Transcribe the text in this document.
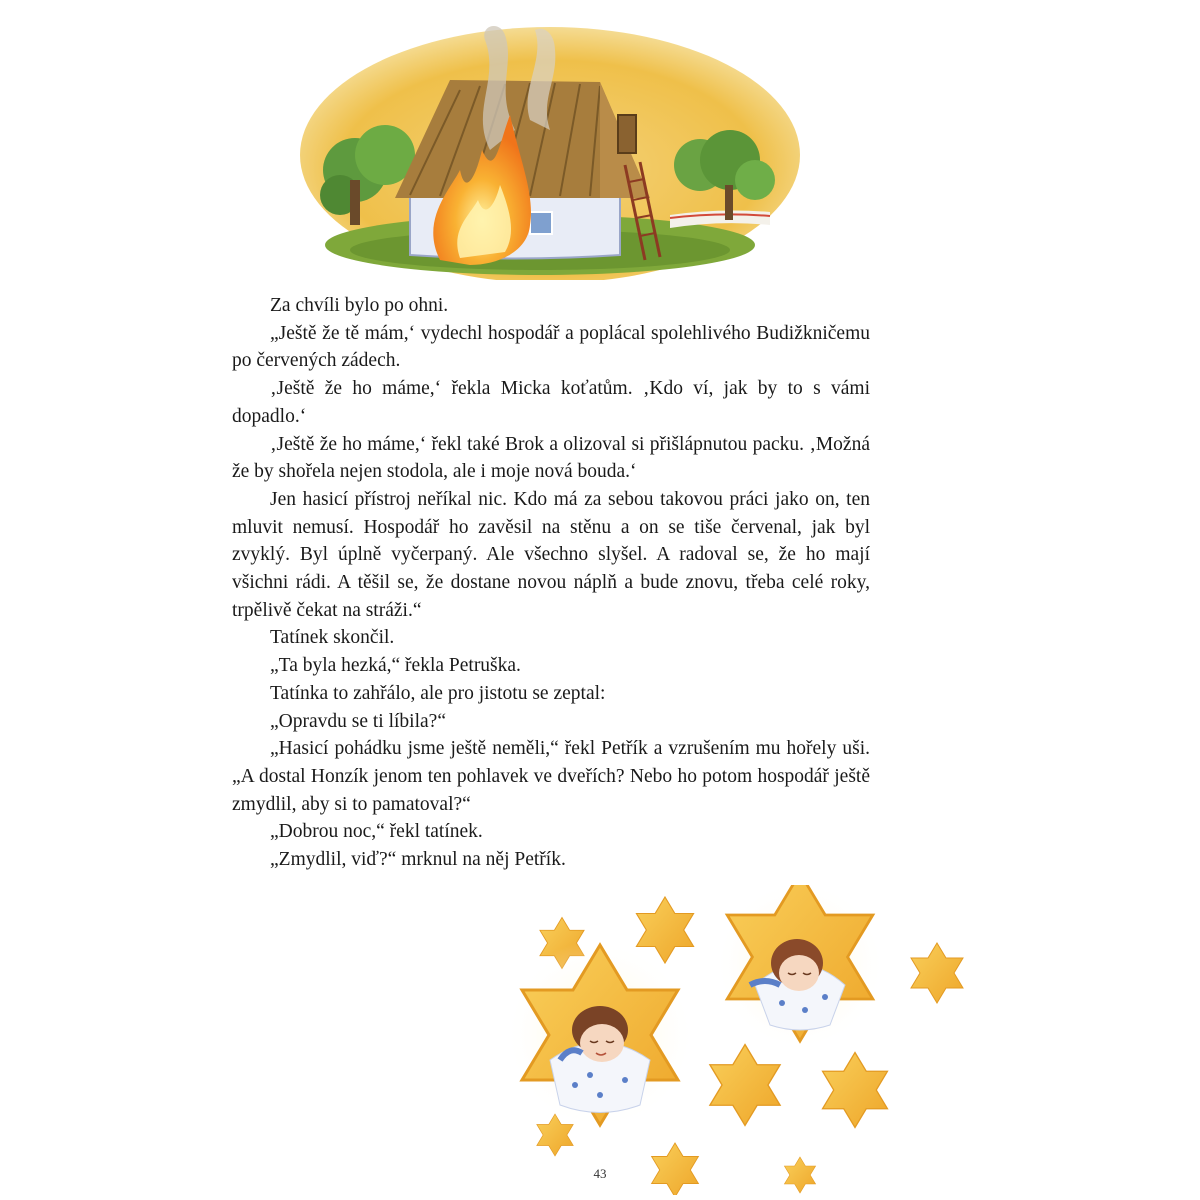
Za chvíli bylo po ohni.

„Ještě že tě mám,‘ vydechl hospodář a poplácal spolehlivého Budižkničemu po červených zádech.

‚Ještě že ho máme,‘ řekla Micka koťatům. ‚Kdo ví, jak by to s vámi dopadlo.‘

‚Ještě že ho máme,‘ řekl také Brok a olizoval si přišlápnutou packu. ‚Možná že by shořela nejen stodola, ale i moje nová bouda.‘

Jen hasicí přístroj neříkal nic. Kdo má za sebou takovou práci jako on, ten mluvit nemusí. Hospodář ho zavěsil na stěnu a on se tiše červenal, jak byl zvyklý. Byl úplně vyčerpaný. Ale všechno slyšel. A radoval se, že ho mají všichni rádi. A těšil se, že dostane novou náplň a bude znovu, třeba celé roky, trpělivě čekat na stráži.“

Tatínek skončil.

„Ta byla hezká,“ řekla Petruška.

Tatínka to zahřálo, ale pro jistotu se zeptal:

„Opravdu se ti líbila?“

„Hasicí pohádku jsme ještě neměli,“ řekl Petřík a vzrušením mu hořely uši. „A dostal Honzík jenom ten pohlavek ve dveřích? Nebo ho potom hospodář ještě zmydlil, aby si to pamatoval?“

„Dobrou noc,“ řekl tatínek.

„Zmydlil, viď?“ mrknul na něj Petřík.

43
